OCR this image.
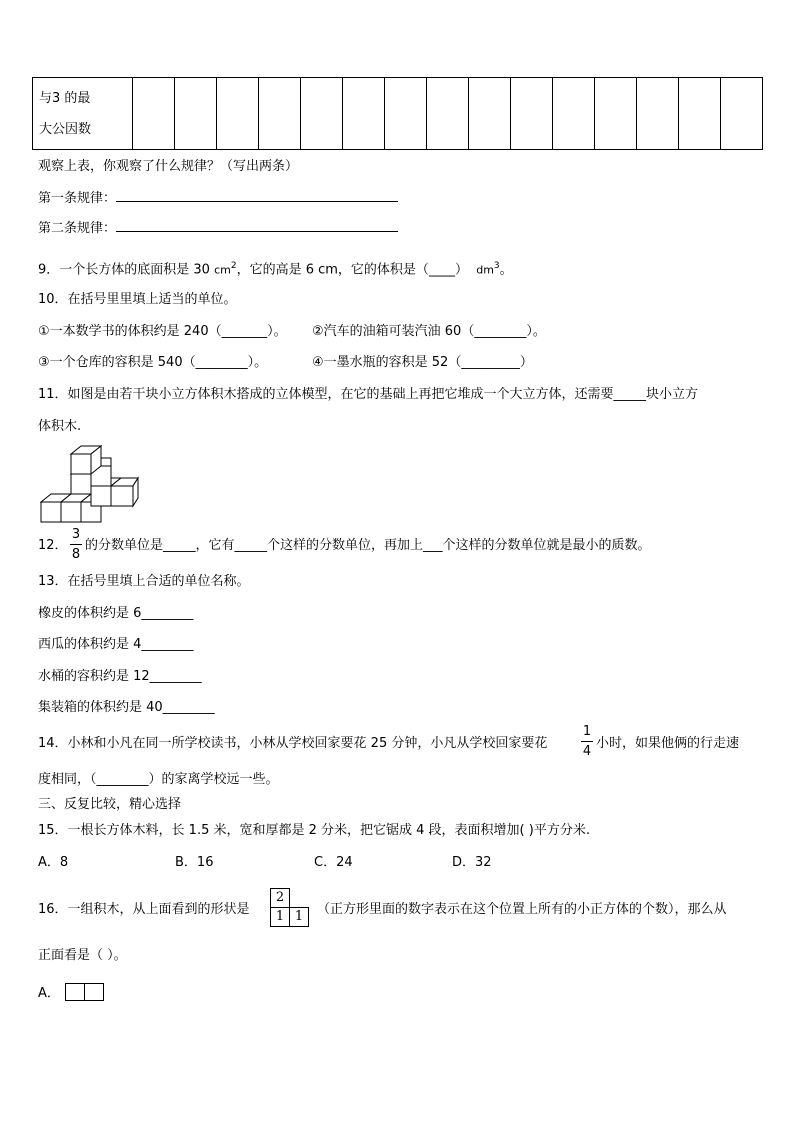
与3 的最
大公因数

观察上表，你观察了什么规律？（写出两条）
第一条规律：
第二条规律：
9．一个长方体的底面积是 30 $cm^2$，它的高是 6 cm，它的体积是（____） $dm^3$。
10．在括号里里填上适当的单位。
①一本数学书的体积约是 240（_______）。 ②汽车的油箱可装汽油 60（________）。
③一个仓库的容积是 540（________）。	④一墨水瓶的容积是 52（_________）
11．如图是由若干块小立方体积木搭成的立体模型，在它的基础上再把它堆成一个大立方体，还需要_____块小立方
体积木.
12．
3
8
的分数单位是_____，它有_____个这样的分数单位，再加上___个这样的分数单位就是最小的质数。
13．在括号里填上合适的单位名称。
橡皮的体积约是 6________
西瓜的体积约是 4________
水桶的容积约是 12________
集装箱的体积约是 40________
14．小林和小凡在同一所学校读书，小林从学校回家要花 25 分钟，小凡从学校回家要花
1
4
小时，如果他俩的行走速
度相同，（________）的家离学校远一些。
三、反复比较，精心选择
15．一根长方体木料，长 1.5 米，宽和厚都是 2 分米，把它锯成 4 段，表面积增加( )平方分米.
A．8	B．16	C．24	D．32
16．一组积木，从上面看到的形状是
2
1 1	（正方形里面的数字表示在这个位置上所有的小正方体的个数），那么从
正面看是（ ）。
A．
